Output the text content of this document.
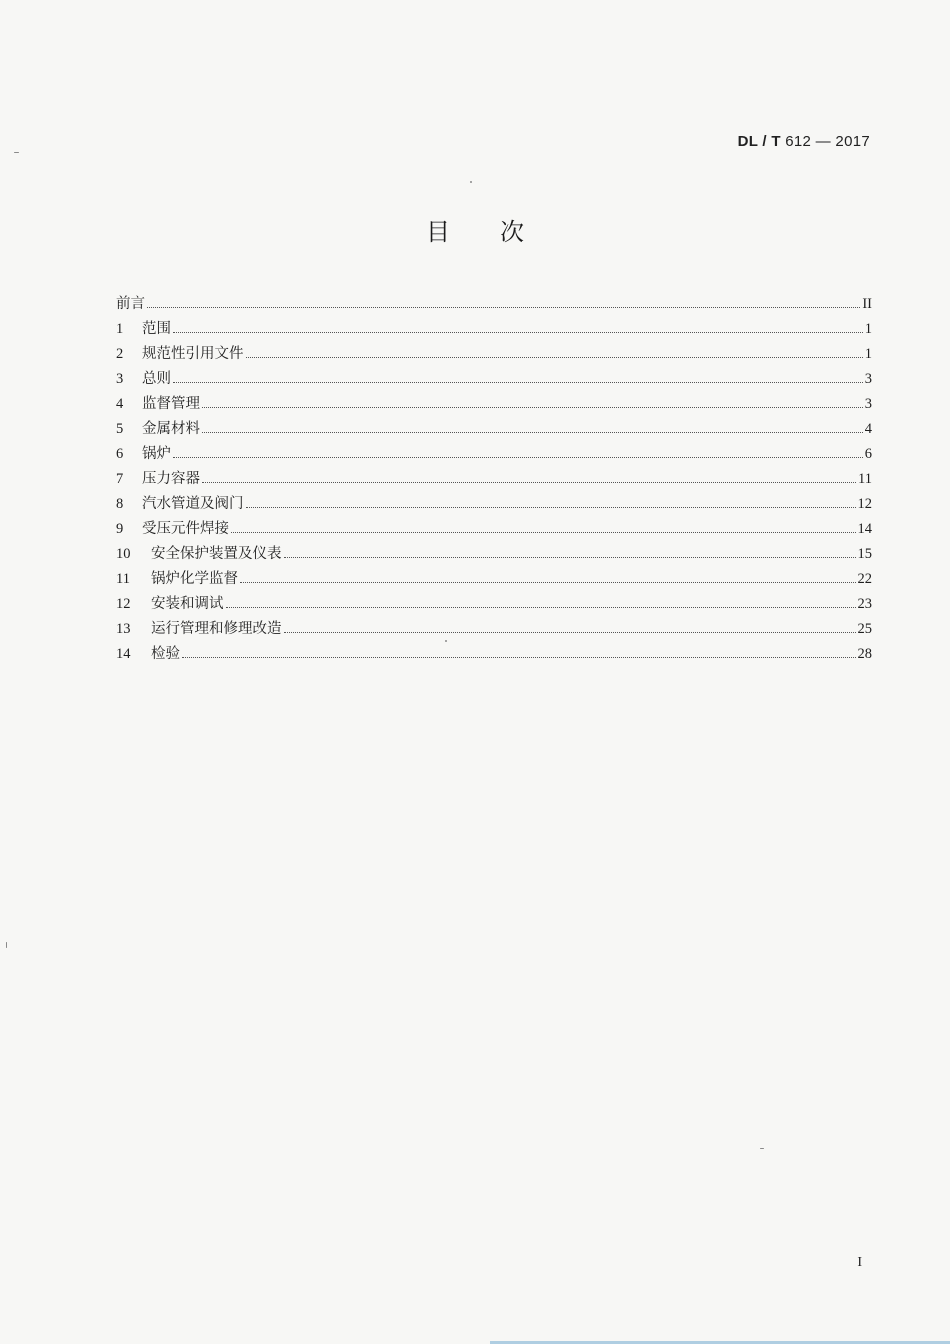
DL / T 612 — 2017
目次
前言	II
1	范围	1
2	规范性引用文件	1
3	总则	3
4	监督管理	3
5	金属材料	4
6	锅炉	6
7	压力容器	11
8	汽水管道及阀门	12
9	受压元件焊接	14
10	安全保护装置及仪表	15
11	锅炉化学监督	22
12	安装和调试	23
13	运行管理和修理改造	25
14	检验	28
I
